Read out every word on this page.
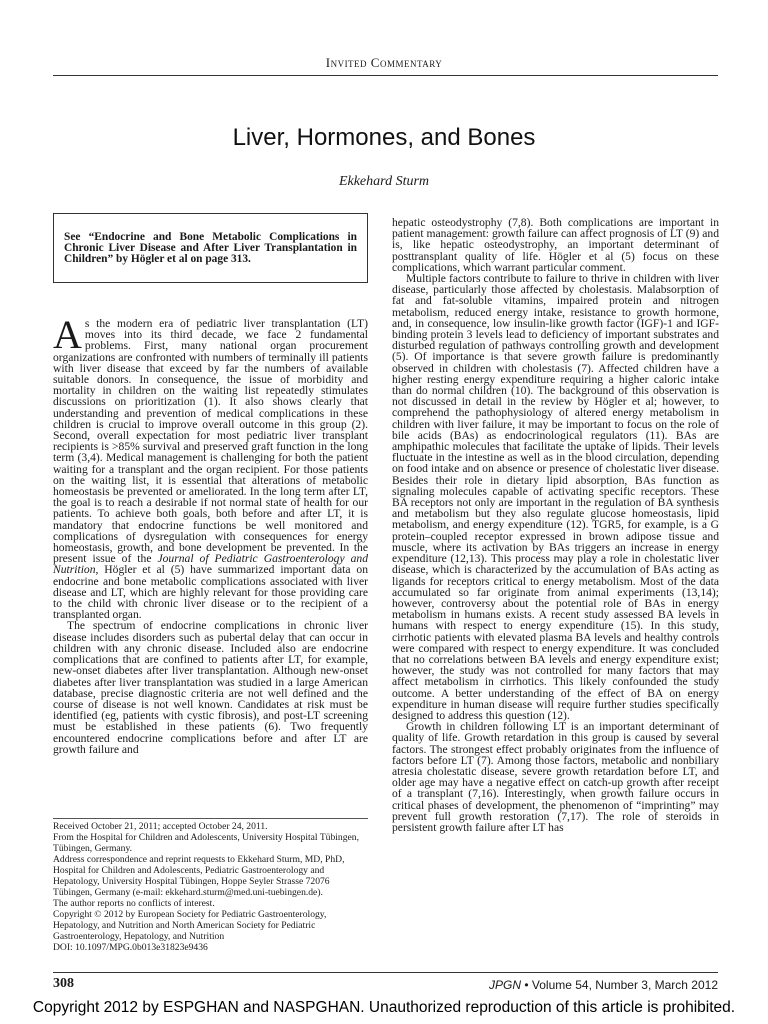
Invited Commentary
Liver, Hormones, and Bones
Ekkehard Sturm
See “Endocrine and Bone Metabolic Complications in Chronic Liver Disease and After Liver Transplantation in Children” by Högler et al on page 313.

As the modern era of pediatric liver transplantation (LT) moves into its third decade, we face 2 fundamental problems. First, many national organ procurement organizations are confronted with numbers of terminally ill patients with liver disease that exceed by far the numbers of available suitable donors. In consequence, the issue of morbidity and mortality in children on the waiting list repeatedly stimulates discussions on prioritization (1). It also shows clearly that understanding and prevention of medical complications in these children is crucial to improve overall outcome in this group (2). Second, overall expectation for most pediatric liver transplant recipients is >85% survival and preserved graft function in the long term (3,4). Medical management is challenging for both the patient waiting for a transplant and the organ recipient. For those patients on the waiting list, it is essential that alterations of metabolic homeostasis be prevented or ameliorated. In the long term after LT, the goal is to reach a desirable if not normal state of health for our patients. To achieve both goals, both before and after LT, it is mandatory that endocrine functions be well monitored and complications of dysregulation with consequences for energy homeostasis, growth, and bone development be prevented. In the present issue of the Journal of Pediatric Gastroenterology and Nutrition, Högler et al (5) have summarized important data on endocrine and bone metabolic complications associated with liver disease and LT, which are highly relevant for those providing care to the child with chronic liver disease or to the recipient of a transplanted organ.

The spectrum of endocrine complications in chronic liver disease includes disorders such as pubertal delay that can occur in children with any chronic disease. Included also are endocrine complications that are confined to patients after LT, for example, new-onset diabetes after liver transplantation. Although new-onset diabetes after liver transplantation was studied in a large American database, precise diagnostic criteria are not well defined and the course of disease is not well known. Candidates at risk must be identified (eg, patients with cystic fibrosis), and post-LT screening must be established in these patients (6). Two frequently encountered endocrine complications before and after LT are growth failure and

Received October 21, 2011; accepted October 24, 2011.
From the Hospital for Children and Adolescents, University Hospital Tübingen, Tübingen, Germany.
Address correspondence and reprint requests to Ekkehard Sturm, MD, PhD, Hospital for Children and Adolescents, Pediatric Gastroenterology and Hepatology, University Hospital Tübingen, Hoppe Seyler Strasse 72076 Tübingen, Germany (e-mail: ekkehard.sturm@med.uni-tuebingen.de).
The author reports no conflicts of interest.
Copyright © 2012 by European Society for Pediatric Gastroenterology, Hepatology, and Nutrition and North American Society for Pediatric Gastroenterology, Hepatology, and Nutrition
DOI: 10.1097/MPG.0b013e31823e9436

hepatic osteodystrophy (7,8). Both complications are important in patient management: growth failure can affect prognosis of LT (9) and is, like hepatic osteodystrophy, an important determinant of posttransplant quality of life. Högler et al (5) focus on these complications, which warrant particular comment.

Multiple factors contribute to failure to thrive in children with liver disease, particularly those affected by cholestasis. Malabsorption of fat and fat-soluble vitamins, impaired protein and nitrogen metabolism, reduced energy intake, resistance to growth hormone, and, in consequence, low insulin-like growth factor (IGF)-1 and IGF-binding protein 3 levels lead to deficiency of important substrates and disturbed regulation of pathways controlling growth and development (5). Of importance is that severe growth failure is predominantly observed in children with cholestasis (7). Affected children have a higher resting energy expenditure requiring a higher caloric intake than do normal children (10). The background of this observation is not discussed in detail in the review by Högler et al; however, to comprehend the pathophysiology of altered energy metabolism in children with liver failure, it may be important to focus on the role of bile acids (BAs) as endocrinological regulators (11). BAs are amphipathic molecules that facilitate the uptake of lipids. Their levels fluctuate in the intestine as well as in the blood circulation, depending on food intake and on absence or presence of cholestatic liver disease. Besides their role in dietary lipid absorption, BAs function as signaling molecules capable of activating specific receptors. These BA receptors not only are important in the regulation of BA synthesis and metabolism but they also regulate glucose homeostasis, lipid metabolism, and energy expenditure (12). TGR5, for example, is a G protein–coupled receptor expressed in brown adipose tissue and muscle, where its activation by BAs triggers an increase in energy expenditure (12,13). This process may play a role in cholestatic liver disease, which is characterized by the accumulation of BAs acting as ligands for receptors critical to energy metabolism. Most of the data accumulated so far originate from animal experiments (13,14); however, controversy about the potential role of BAs in energy metabolism in humans exists. A recent study assessed BA levels in humans with respect to energy expenditure (15). In this study, cirrhotic patients with elevated plasma BA levels and healthy controls were compared with respect to energy expenditure. It was concluded that no correlations between BA levels and energy expenditure exist; however, the study was not controlled for many factors that may affect metabolism in cirrhotics. This likely confounded the study outcome. A better understanding of the effect of BA on energy expenditure in human disease will require further studies specifically designed to address this question (12).

Growth in children following LT is an important determinant of quality of life. Growth retardation in this group is caused by several factors. The strongest effect probably originates from the influence of factors before LT (7). Among those factors, metabolic and nonbiliary atresia cholestatic disease, severe growth retardation before LT, and older age may have a negative effect on catch-up growth after receipt of a transplant (7,16). Interestingly, when growth failure occurs in critical phases of development, the phenomenon of “imprinting” may prevent full growth restoration (7,17). The role of steroids in persistent growth failure after LT has

308	JPGN • Volume 54, Number 3, March 2012
Copyright 2012 by ESPGHAN and NASPGHAN. Unauthorized reproduction of this article is prohibited.
